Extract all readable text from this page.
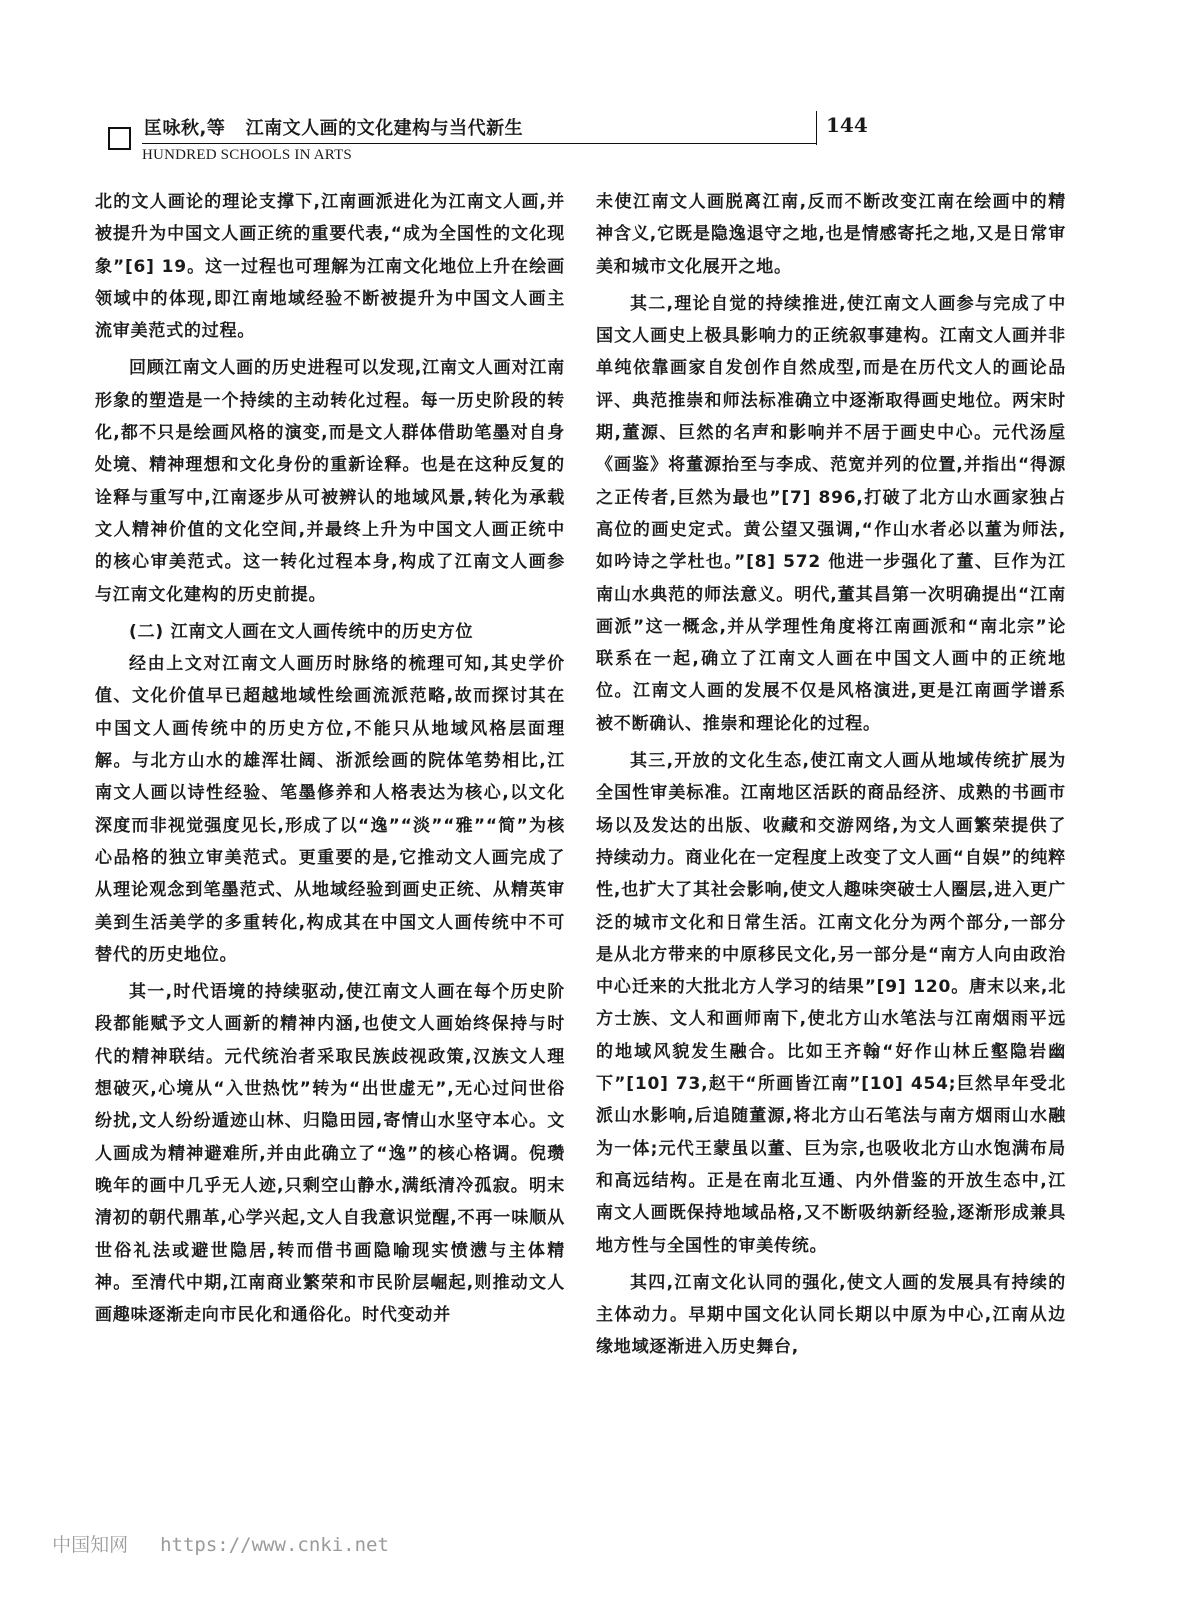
匡咏秋,等   江南文人画的文化建构与当代新生	144
HUNDRED SCHOOLS IN ARTS

北的文人画论的理论支撑下,江南画派进化为江南文人画,并被提升为中国文人画正统的重要代表,“成为全国性的文化现象”[6] 19。这一过程也可理解为江南文化地位上升在绘画领域中的体现,即江南地域经验不断被提升为中国文人画主流审美范式的过程。

回顾江南文人画的历史进程可以发现,江南文人画对江南形象的塑造是一个持续的主动转化过程。每一历史阶段的转化,都不只是绘画风格的演变,而是文人群体借助笔墨对自身处境、精神理想和文化身份的重新诠释。也是在这种反复的诠释与重写中,江南逐步从可被辨认的地域风景,转化为承载文人精神价值的文化空间,并最终上升为中国文人画正统中的核心审美范式。这一转化过程本身,构成了江南文人画参与江南文化建构的历史前提。

(二) 江南文人画在文人画传统中的历史方位

经由上文对江南文人画历时脉络的梳理可知,其史学价值、文化价值早已超越地域性绘画流派范略,故而探讨其在中国文人画传统中的历史方位,不能只从地域风格层面理解。与北方山水的雄浑壮阔、浙派绘画的院体笔势相比,江南文人画以诗性经验、笔墨修养和人格表达为核心,以文化深度而非视觉强度见长,形成了以“逸”“淡”“雅”“简”为核心品格的独立审美范式。更重要的是,它推动文人画完成了从理论观念到笔墨范式、从地域经验到画史正统、从精英审美到生活美学的多重转化,构成其在中国文人画传统中不可替代的历史地位。

其一,时代语境的持续驱动,使江南文人画在每个历史阶段都能赋予文人画新的精神内涵,也使文人画始终保持与时代的精神联结。元代统治者采取民族歧视政策,汉族文人理想破灭,心境从“入世热忱”转为“出世虚无”,无心过问世俗纷扰,文人纷纷遁迹山林、归隐田园,寄情山水坚守本心。文人画成为精神避难所,并由此确立了“逸”的核心格调。倪瓒晚年的画中几乎无人迹,只剩空山静水,满纸清冷孤寂。明末清初的朝代鼎革,心学兴起,文人自我意识觉醒,不再一味顺从世俗礼法或避世隐居,转而借书画隐喻现实愤懑与主体精神。至清代中期,江南商业繁荣和市民阶层崛起,则推动文人画趣味逐渐走向市民化和通俗化。时代变动并

未使江南文人画脱离江南,反而不断改变江南在绘画中的精神含义,它既是隐逸退守之地,也是情感寄托之地,又是日常审美和城市文化展开之地。

其二,理论自觉的持续推进,使江南文人画参与完成了中国文人画史上极具影响力的正统叙事建构。江南文人画并非单纯依靠画家自发创作自然成型,而是在历代文人的画论品评、典范推崇和师法标准确立中逐渐取得画史地位。两宋时期,董源、巨然的名声和影响并不居于画史中心。元代汤垕《画鉴》将董源抬至与李成、范宽并列的位置,并指出“得源之正传者,巨然为最也”[7] 896,打破了北方山水画家独占高位的画史定式。黄公望又强调,“作山水者必以董为师法,如吟诗之学杜也。”[8] 572 他进一步强化了董、巨作为江南山水典范的师法意义。明代,董其昌第一次明确提出“江南画派”这一概念,并从学理性角度将江南画派和“南北宗”论联系在一起,确立了江南文人画在中国文人画中的正统地位。江南文人画的发展不仅是风格演进,更是江南画学谱系被不断确认、推崇和理论化的过程。

其三,开放的文化生态,使江南文人画从地域传统扩展为全国性审美标准。江南地区活跃的商品经济、成熟的书画市场以及发达的出版、收藏和交游网络,为文人画繁荣提供了持续动力。商业化在一定程度上改变了文人画“自娱”的纯粹性,也扩大了其社会影响,使文人趣味突破士人圈层,进入更广泛的城市文化和日常生活。江南文化分为两个部分,一部分是从北方带来的中原移民文化,另一部分是“南方人向由政治中心迁来的大批北方人学习的结果”[9] 120。唐末以来,北方士族、文人和画师南下,使北方山水笔法与江南烟雨平远的地域风貌发生融合。比如王齐翰“好作山林丘壑隐岩幽下”[10] 73,赵干“所画皆江南”[10] 454;巨然早年受北派山水影响,后追随董源,将北方山石笔法与南方烟雨山水融为一体;元代王蒙虽以董、巨为宗,也吸收北方山水饱满布局和高远结构。正是在南北互通、内外借鉴的开放生态中,江南文人画既保持地域品格,又不断吸纳新经验,逐渐形成兼具地方性与全国性的审美传统。

其四,江南文化认同的强化,使文人画的发展具有持续的主体动力。早期中国文化认同长期以中原为中心,江南从边缘地域逐渐进入历史舞台,

中国知网 https://www.cnki.net
